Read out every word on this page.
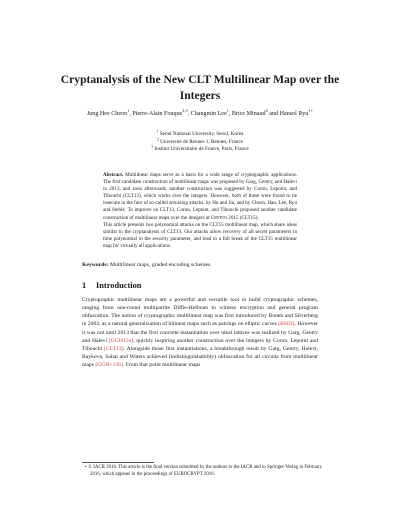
Cryptanalysis of the New CLT Multilinear Map over the Integers
Jung Hee Cheon$^1$, Pierre-Alain Fouque$^{2,3}$, Changmin Lee$^1$, Brice Minaud$^2$ and Hansol Ryu$^{1⋆}$
$^1$ Seoul National University, Seoul, Korea
$^2$ Université de Rennes 1, Rennes, France
$^3$ Institut Universitaire de France, Paris, France

Abstract. Multilinear maps serve as a basis for a wide range of cryptographic applications. The first candidate construction of multilinear maps was proposed by Garg, Gentry, and Halevi in 2013, and soon afterwards, another construction was suggested by Coron, Lepoint, and Tibouchi (CLT13), which works over the integers. However, both of these were found to be insecure in the face of so-called zeroizing attacks, by Hu and Jia, and by Cheon, Han, Lee, Ryu and Stehlé. To improve on CLT13, Coron, Lepoint, and Tibouchi proposed another candidate construction of multilinear maps over the integers at Crypto 2015 (CLT15).
This article presents two polynomial attacks on the CLT15 multilinear map, which share ideas similar to the cryptanalysis of CLT13. Our attacks allow recovery of all secret parameters in time polynomial in the security parameter, and lead to a full break of the CLT15 multilinear map for virtually all applications.

Keywords: Multilinear maps, graded encoding schemes.

1 Introduction

Cryptographic multilinear maps are a powerful and versatile tool to build cryptographic schemes, ranging from one-round multipartite Diffie-Hellman to witness encryption and general program obfuscation. The notion of cryptographic multilinear map was first introduced by Boneh and Silverberg in 2003, as a natural generalization of bilinear maps such as pairings on elliptic curves [BS03]. However it was not until 2013 that the first concrete instantiation over ideal lattices was realized by Garg, Gentry and Halevi [GGH13a], quickly inspiring another construction over the integers by Coron, Lepoint and Tibouchi [CLT13]. Alongside those first instantiations, a breakthrough result by Garg, Gentry, Halevi, Raykova, Sahai and Waters achieved (indistinguishability) obfuscation for all circuits from multilinear maps [GGH+13b]. From that point multilinear maps

⋆ © IACR 2016. This article is the final version submitted by the authors to the IACR and to Springer-Verlag in February 2016, which appears in the proceedings of EUROCRYPT 2016.
